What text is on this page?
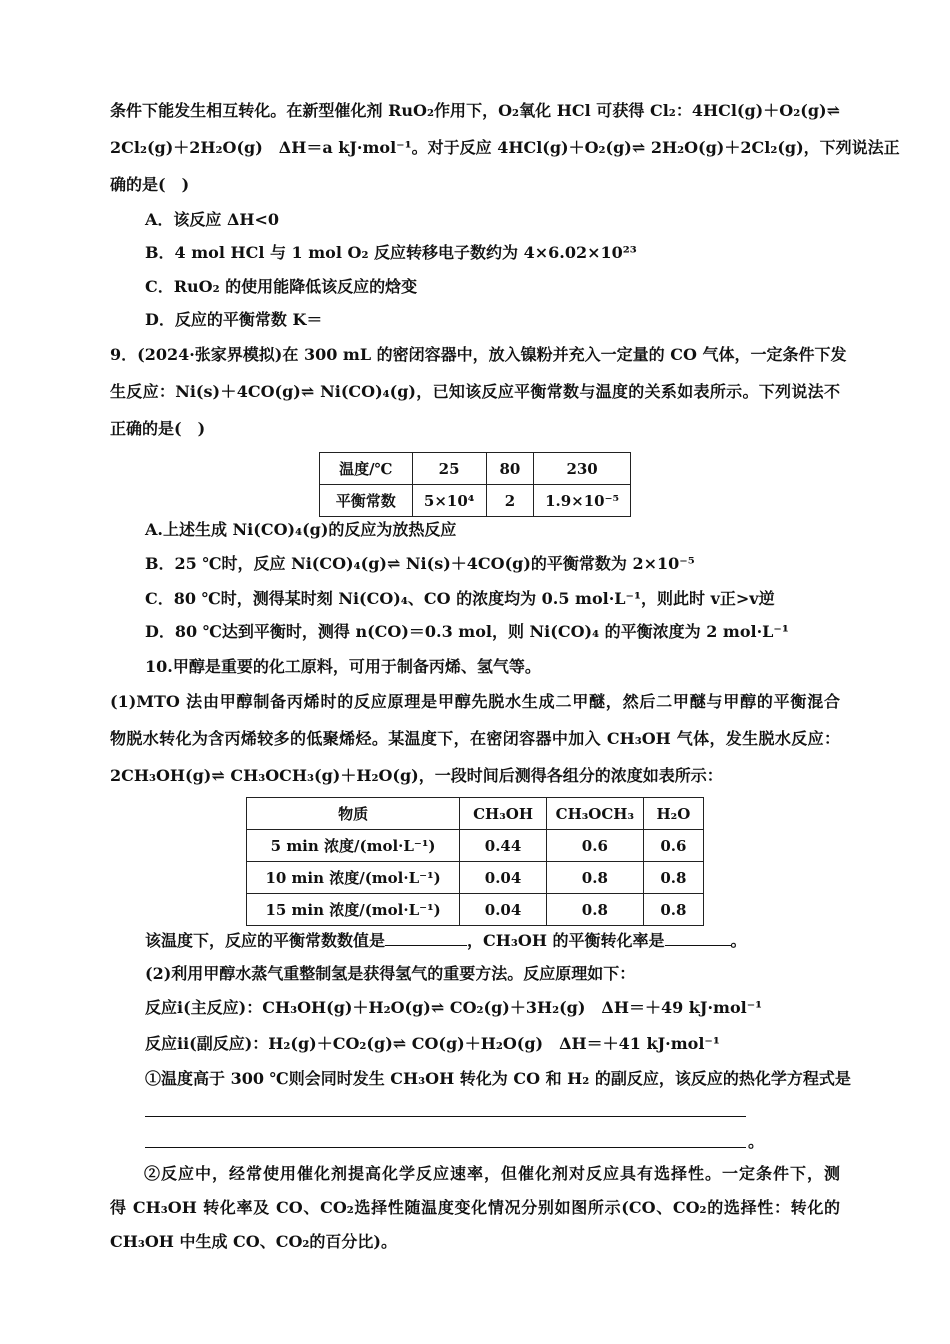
条件下能发生相互转化。在新型催化剂 RuO₂作用下，O₂氧化 HCl 可获得 Cl₂：4HCl(g)＋O₂(g)⇌
2Cl₂(g)＋2H₂O(g)　ΔH＝a kJ·mol⁻¹。对于反应 4HCl(g)＋O₂(g)⇌ 2H₂O(g)＋2Cl₂(g)，下列说法正
确的是(　)
A．该反应 ΔH<0
B．4 mol HCl 与 1 mol O₂ 反应转移电子数约为 4×6.02×10²³
C．RuO₂ 的使用能降低该反应的焓变
D．反应的平衡常数 K＝
9．(2024·张家界模拟)在 300 mL 的密闭容器中，放入镍粉并充入一定量的 CO 气体，一定条件下发
生反应：Ni(s)＋4CO(g)⇌ Ni(CO)₄(g)，已知该反应平衡常数与温度的关系如表所示。下列说法不
正确的是(　)
温度/℃	25	80	230
平衡常数	5×10⁴	2	1.9×10⁻⁵
A.上述生成 Ni(CO)₄(g)的反应为放热反应
B．25 ℃时，反应 Ni(CO)₄(g)⇌ Ni(s)＋4CO(g)的平衡常数为 2×10⁻⁵
C．80 ℃时，测得某时刻 Ni(CO)₄、CO 的浓度均为 0.5 mol·L⁻¹，则此时 v正>v逆
D．80 ℃达到平衡时，测得 n(CO)＝0.3 mol，则 Ni(CO)₄ 的平衡浓度为 2 mol·L⁻¹
10.甲醇是重要的化工原料，可用于制备丙烯、氢气等。
(1)MTO 法由甲醇制备丙烯时的反应原理是甲醇先脱水生成二甲醚，然后二甲醚与甲醇的平衡混合
物脱水转化为含丙烯较多的低聚烯烃。某温度下，在密闭容器中加入 CH₃OH 气体，发生脱水反应：
2CH₃OH(g)⇌ CH₃OCH₃(g)＋H₂O(g)，一段时间后测得各组分的浓度如表所示：
物质	CH₃OH	CH₃OCH₃	H₂O
5 min 浓度/(mol·L⁻¹)	0.44	0.6	0.6
10 min 浓度/(mol·L⁻¹)	0.04	0.8	0.8
15 min 浓度/(mol·L⁻¹)	0.04	0.8	0.8
该温度下，反应的平衡常数数值是	，CH₃OH 的平衡转化率是	。
(2)利用甲醇水蒸气重整制氢是获得氢气的重要方法。反应原理如下：
反应ⅰ(主反应)：CH₃OH(g)＋H₂O(g)⇌ CO₂(g)＋3H₂(g)　ΔH＝＋49 kJ·mol⁻¹
反应ⅱ(副反应)：H₂(g)＋CO₂(g)⇌ CO(g)＋H₂O(g)　ΔH＝＋41 kJ·mol⁻¹
①温度高于 300 ℃则会同时发生 CH₃OH 转化为 CO 和 H₂ 的副反应，该反应的热化学方程式是
。
②反应中，经常使用催化剂提高化学反应速率，但催化剂对反应具有选择性。一定条件下，测
得 CH₃OH 转化率及 CO、CO₂选择性随温度变化情况分别如图所示(CO、CO₂的选择性：转化的
CH₃OH 中生成 CO、CO₂的百分比)。
